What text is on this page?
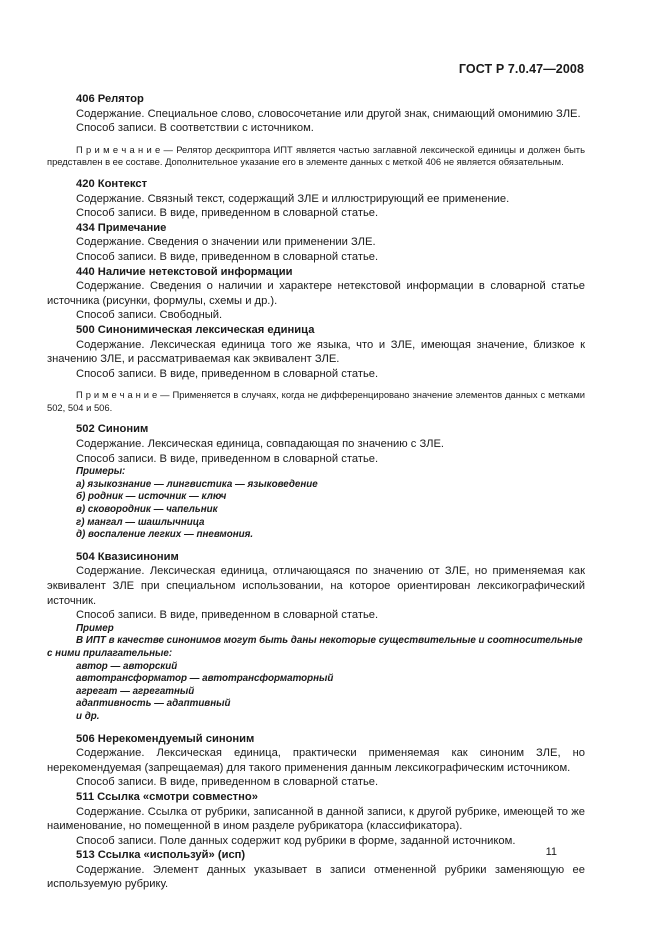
ГОСТ Р 7.0.47—2008

406 Релятор

Содержание. Специальное слово, словосочетание или другой знак, снимающий омонимию ЗЛЕ.

Способ записи. В соответствии с источником.

П р и м е ч а н и е — Релятор дескриптора ИПТ является частью заглавной лексической единицы и должен быть представлен в ее составе. Дополнительное указание его в элементе данных с меткой 406 не является обязательным.

420 Контекст

Содержание. Связный текст, содержащий ЗЛЕ и иллюстрирующий ее применение.

Способ записи. В виде, приведенном в словарной статье.

434 Примечание

Содержание. Сведения о значении или применении ЗЛЕ.

Способ записи. В виде, приведенном в словарной статье.

440 Наличие нетекстовой информации

Содержание. Сведения о наличии и характере нетекстовой информации в словарной статье источника (рисунки, формулы, схемы и др.).

Способ записи. Свободный.

500 Синонимическая лексическая единица

Содержание. Лексическая единица того же языка, что и ЗЛЕ, имеющая значение, близкое к значению ЗЛЕ, и рассматриваемая как эквивалент ЗЛЕ.

Способ записи. В виде, приведенном в словарной статье.

П р и м е ч а н и е — Применяется в случаях, когда не дифференцировано значение элементов данных с метками 502, 504 и 506.

502 Синоним

Содержание. Лексическая единица, совпадающая по значению с ЗЛЕ.

Способ записи. В виде, приведенном в словарной статье.

Примеры:

а) языкознание — лингвистика — языковедение

б) родник — источник — ключ

в) сковородник — чапельник

г) мангал — шашлычница

д) воспаление легких — пневмония.

504 Квазисиноним

Содержание. Лексическая единица, отличающаяся по значению от ЗЛЕ, но применяемая как эквивалент ЗЛЕ при специальном использовании, на которое ориентирован лексикографический источник.

Способ записи. В виде, приведенном в словарной статье.

Пример

В ИПТ в качестве синонимов могут быть даны некоторые существительные и соотносительные с ними прилагательные:

автор — авторский

автотрансформатор — автотрансформаторный

агрегат — агрегатный

адаптивность — адаптивный

и др.

506 Нерекомендуемый синоним

Содержание. Лексическая единица, практически применяемая как синоним ЗЛЕ, но нерекомендуемая (запрещаемая) для такого применения данным лексикографическим источником.

Способ записи. В виде, приведенном в словарной статье.

511 Ссылка «смотри совместно»

Содержание. Ссылка от рубрики, записанной в данной записи, к другой рубрике, имеющей то же наименование, но помещенной в ином разделе рубрикатора (классификатора).

Способ записи. Поле данных содержит код рубрики в форме, заданной источником.

513 Ссылка «используй» (исп)

Содержание. Элемент данных указывает в записи отмененной рубрики заменяющую ее используемую рубрику.

11
